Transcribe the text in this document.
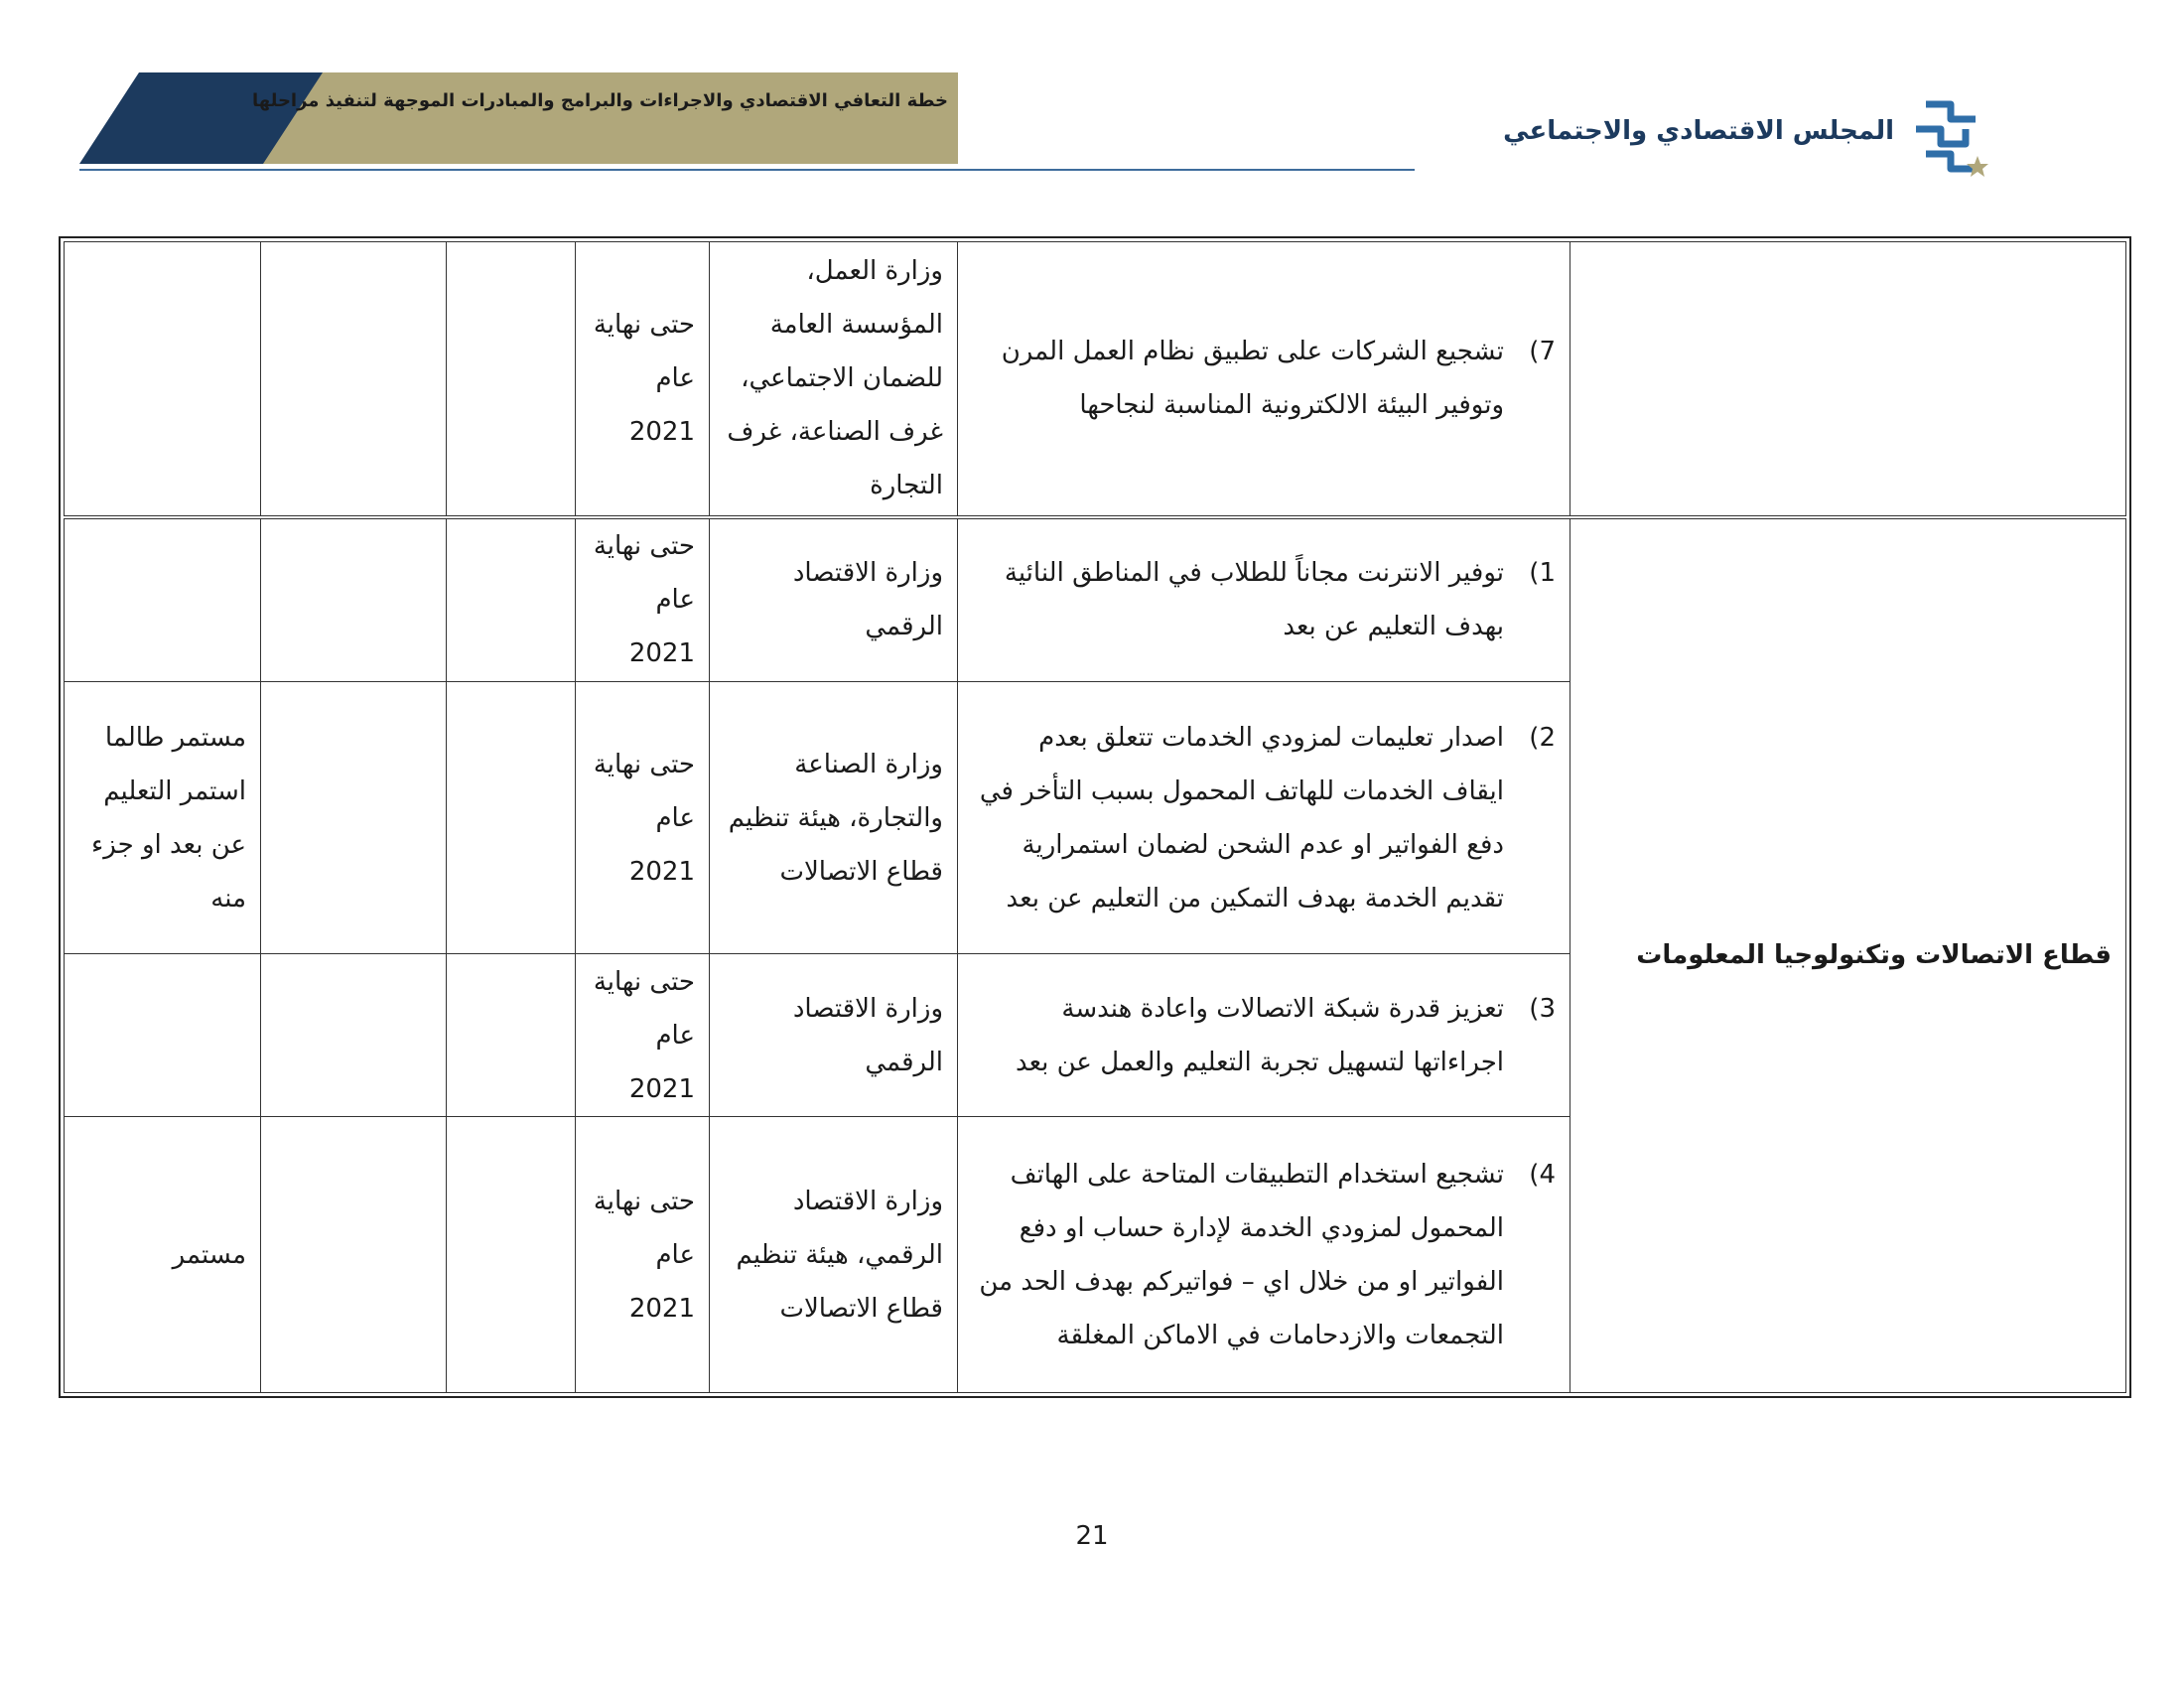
خطة التعافي الاقتصادي والاجراءات والبرامج والمبادرات الموجهة لتنفيذ مراحلها
المجلس الاقتصادي والاجتماعي
	7)تشجيع الشركات على تطبيق نظام العمل المرن وتوفير البيئة الالكترونية المناسبة لنجاحها	وزارة العمل، المؤسسة العامة للضمان الاجتماعي، غرف الصناعة، غرف التجارة	حتى نهاية عام 2021			
قطاع الاتصالات وتكنولوجيا المعلومات	1)توفير الانترنت مجاناً للطلاب في المناطق النائية بهدف التعليم عن بعد	وزارة الاقتصاد الرقمي	حتى نهاية عام 2021			
	2)اصدار تعليمات لمزودي الخدمات تتعلق بعدم ايقاف الخدمات للهاتف المحمول بسبب التأخر في دفع الفواتير او عدم الشحن لضمان استمرارية تقديم الخدمة بهدف التمكين من التعليم عن بعد	وزارة الصناعة والتجارة، هيئة تنظيم قطاع الاتصالات	حتى نهاية عام 2021			مستمر طالما استمر التعليم عن بعد او جزء منه
	3)تعزيز قدرة شبكة الاتصالات واعادة هندسة اجراءاتها لتسهيل تجربة التعليم والعمل عن بعد	وزارة الاقتصاد الرقمي	حتى نهاية عام 2021			
	4)تشجيع استخدام التطبيقات المتاحة على الهاتف المحمول لمزودي الخدمة لإدارة حساب او دفع الفواتير او من خلال اي – فواتيركم بهدف الحد من التجمعات والازدحامات في الاماكن المغلقة	وزارة الاقتصاد الرقمي، هيئة تنظيم قطاع الاتصالات	حتى نهاية عام 2021			مستمر
21
